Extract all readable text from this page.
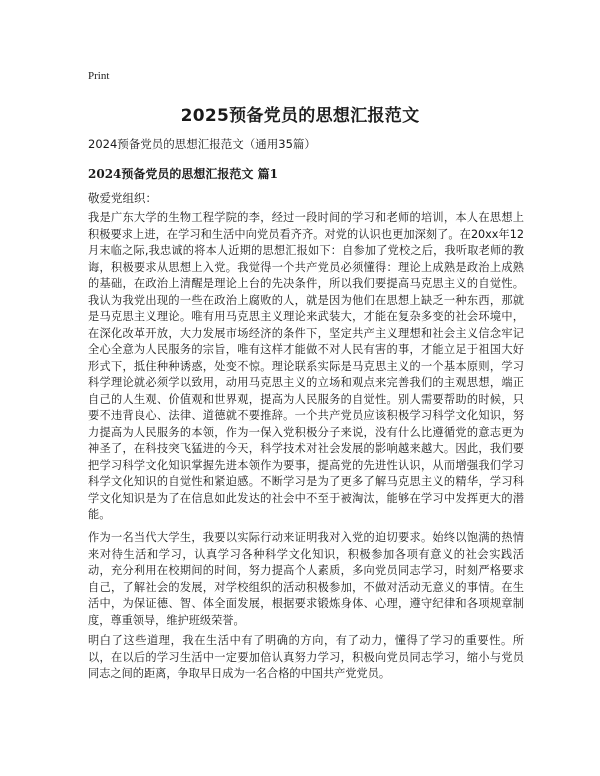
Print
2025预备党员的思想汇报范文

2024预备党员的思想汇报范文（通用35篇）

2024预备党员的思想汇报范文 篇1

敬爱党组织：

我是广东大学的生物工程学院的李，经过一段时间的学习和老师的培训，本人在思想上积极要求上进，在学习和生活中向党员看齐齐。对党的认识也更加深刻了。在20xx年12月末临之际,我忠诚的将本人近期的思想汇报如下：自参加了党校之后，我听取老师的教诲，积极要求从思想上入党。我觉得一个共产党员必须懂得：理论上成熟是政治上成熟的基础，在政治上清醒是理论上台的先决条件，所以我们要提高马克思主义的自觉性。我认为我党出现的一些在政治上腐败的人，就是因为他们在思想上缺乏一种东西，那就是马克思主义理论。唯有用马克思主义理论来武装大，才能在复杂多变的社会环境中，在深化改革开放，大力发展市场经济的条件下，坚定共产主义理想和社会主义信念牢记全心全意为人民服务的宗旨，唯有这样才能做不对人民有害的事，才能立足于祖国大好形式下，抵住种种诱惑，处变不惊。理论联系实际是马克思主义的一个基本原则，学习科学理论就必须学以致用，动用马克思主义的立场和观点来完善我们的主观思想，端正自己的人生观、价值观和世界观，提高为人民服务的自觉性。别人需要帮助的时候，只要不违背良心、法律、道德就不要推辞。一个共产党员应该积极学习科学文化知识，努力提高为人民服务的本领，作为一保入党积极分子来说，没有什么比遵循党的意志更为神圣了，在科技突飞猛进的今天，科学技术对社会发展的影响越来越大。因此，我们要把学习科学文化知识掌握先进本领作为要事，提高党的先进性认识，从而增强我们学习科学文化知识的自觉性和紧迫感。不断学习是为了更多了解马克思主义的精华，学习科学文化知识是为了在信息如此发达的社会中不至于被淘汰，能够在学习中发挥更大的潜能。

作为一名当代大学生，我要以实际行动来证明我对入党的迫切要求。始终以饱满的热情来对待生活和学习，认真学习各种科学文化知识，积极参加各项有意义的社会实践活动，充分利用在校期间的时间，努力提高个人素质，多向党员同志学习，时刻严格要求自己，了解社会的发展，对学校组织的活动积极参加，不做对活动无意义的事情。在生活中，为保证德、智、体全面发展，根据要求锻炼身体、心理，遵守纪律和各项规章制度，尊重领导，维护班级荣誉。

明白了这些道理，我在生活中有了明确的方向，有了动力，懂得了学习的重要性。所以，在以后的学习生活中一定要加倍认真努力学习，积极向党员同志学习，缩小与党员同志之间的距离，争取早日成为一名合格的中国共产党党员。
